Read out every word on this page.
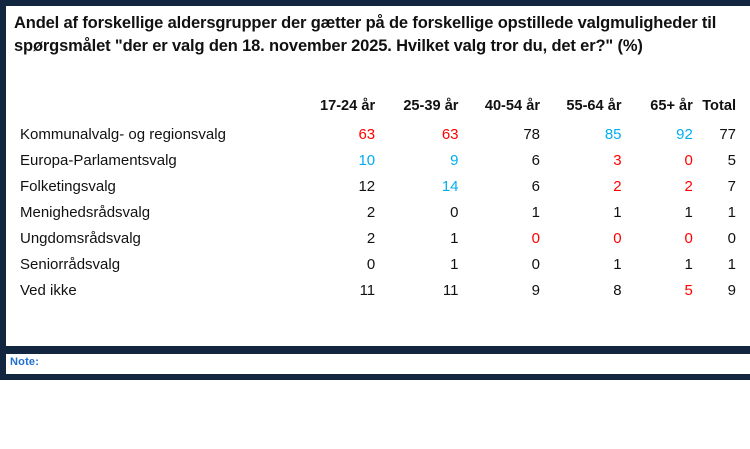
Andel af forskellige aldersgrupper der gætter på de forskellige opstillede valgmuligheder til spørgsmålet "der er valg den 18. november 2025. Hvilket valg tror du, det er?" (%)
	17-24 år	25-39 år	40-54 år	55-64 år	65+ år	Total
Kommunalvalg- og regionsvalg	63	63	78	85	92	77
Europa-Parlamentsvalg	10	9	6	3	0	5
Folketingsvalg	12	14	6	2	2	7
Menighedsrådsvalg	2	0	1	1	1	1
Ungdomsrådsvalg	2	1	0	0	0	0
Seniorrådsvalg	0	1	0	1	1	1
Ved ikke	11	11	9	8	5	9
Note:
